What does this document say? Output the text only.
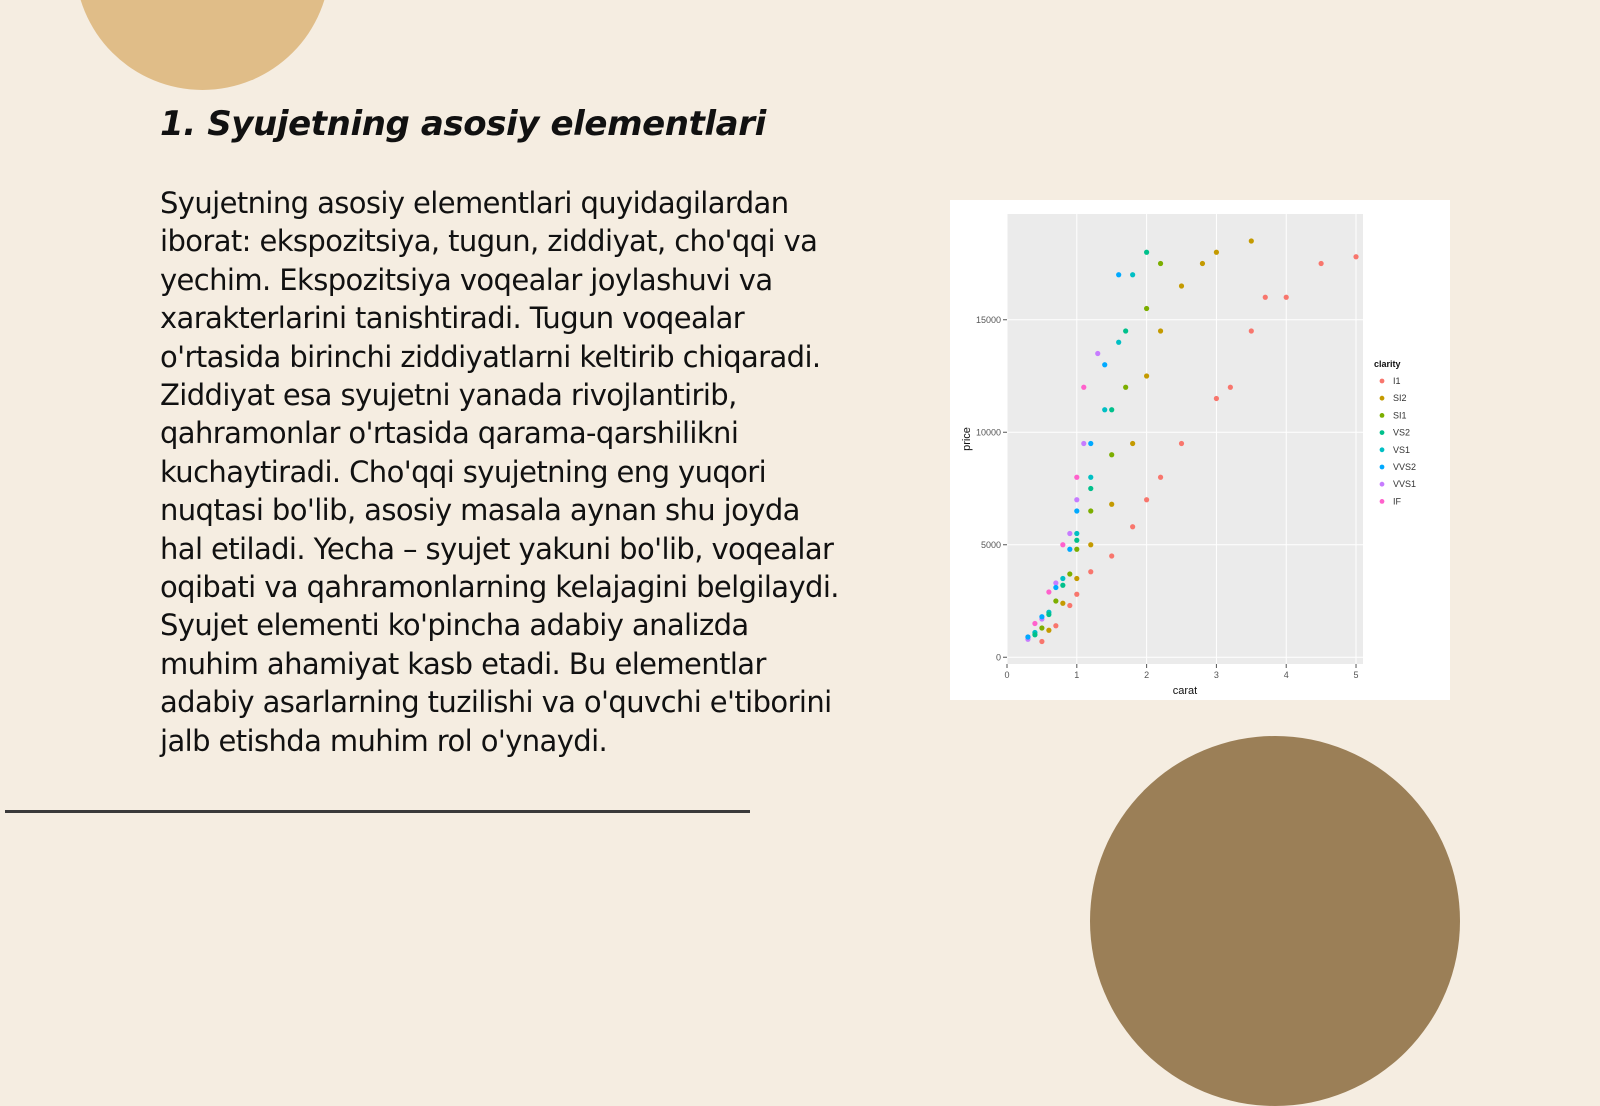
1. Syujetning asosiy elementlari

Syujetning asosiy elementlari quyidagilardan iborat: ekspozitsiya, tugun, ziddiyat, cho'qqi va yechim. Ekspozitsiya voqealar joylashuvi va xarakterlarini tanishtiradi. Tugun voqealar o'rtasida birinchi ziddiyatlarni keltirib chiqaradi. Ziddiyat esa syujetni yanada rivojlantirib, qahramonlar o'rtasida qarama-qarshilikni kuchaytiradi. Cho'qqi syujetning eng yuqori nuqtasi bo'lib, asosiy masala aynan shu joyda hal etiladi. Yecha – syujet yakuni bo'lib, voqealar oqibati va qahramonlarning kelajagini belgilaydi. Syujet elementi ko'pincha adabiy analizda muhim ahamiyat kasb etadi. Bu elementlar adabiy asarlarning tuzilishi va o'quvchi e'tiborini jalb etishda muhim rol o'ynaydi.

0	1	2	3	4	5
0
5000
10000
15000
carat
price
clarity
I1
SI2
SI1
VS2
VS1
VVS2
VVS1
IF
